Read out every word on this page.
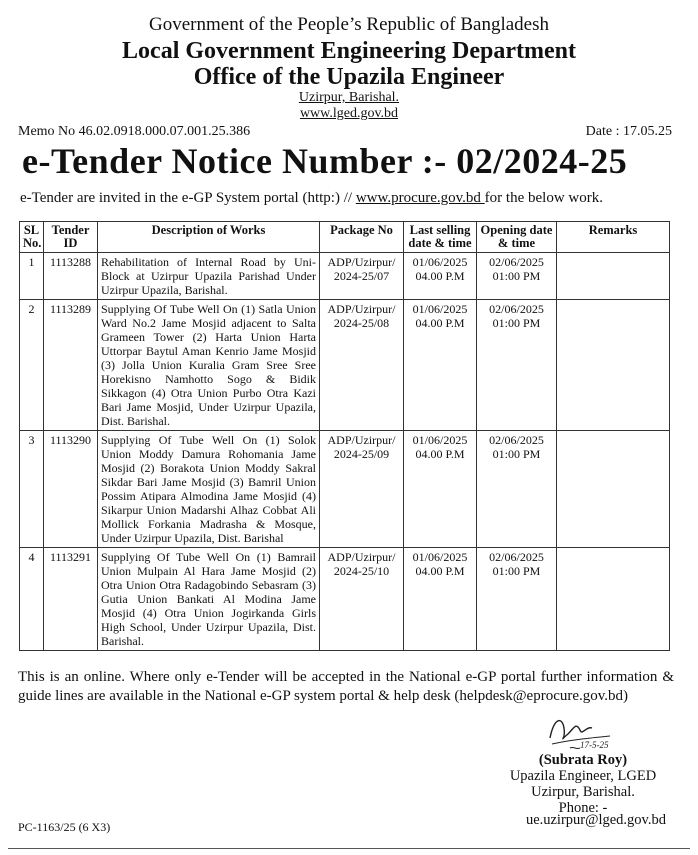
Government of the People’s Republic of Bangladesh
Local Government Engineering Department
Office of the Upazila Engineer
Uzirpur, Barishal.
www.lged.gov.bd
Memo No 46.02.0918.000.07.001.25.386	Date : 17.05.25
e-Tender Notice Number :- 02/2024-25
e-Tender are invited in the e-GP System portal (http:) // www.procure.gov.bd for the below work.
SL No.	Tender ID	Description of Works	Package No	Last selling date & time	Opening date & time	Remarks
1	1113288	Rehabilitation of Internal Road by Uni-Block at Uzirpur Upazila Parishad Under Uzirpur Upazila, Barishal.	ADP/Uzirpur/ 2024-25/07	01/06/2025 04.00 P.M	02/06/2025 01:00 PM	
2	1113289	Supplying Of Tube Well On (1) Satla Union Ward No.2 Jame Mosjid adjacent to Salta Grameen Tower (2) Harta Union Harta Uttorpar Baytul Aman Kenrio Jame Mosjid (3) Jolla Union Kuralia Gram Sree Sree Horekisno Namhotto Sogo & Bidik Sikkagon (4) Otra Union Purbo Otra Kazi Bari Jame Mosjid, Under Uzirpur Upazila, Dist. Barishal.	ADP/Uzirpur/ 2024-25/08	01/06/2025 04.00 P.M	02/06/2025 01:00 PM	
3	1113290	Supplying Of Tube Well On (1) Solok Union Moddy Damura Rohomania Jame Mosjid (2) Borakota Union Moddy Sakral Sikdar Bari Jame Mosjid (3) Bamril Union Possim Atipara Almodina Jame Mosjid (4) Sikarpur Union Madarshi Alhaz Cobbat Ali Mollick Forkania Madrasha & Mosque, Under Uzirpur Upazila, Dist. Barishal	ADP/Uzirpur/ 2024-25/09	01/06/2025 04.00 P.M	02/06/2025 01:00 PM	
4	1113291	Supplying Of Tube Well On (1) Bamrail Union Mulpain Al Hara Jame Mosjid (2) Otra Union Otra Radagobindo Sebasram (3) Gutia Union Bankati Al Modina Jame Mosjid (4) Otra Union Jogirkanda Girls High School, Under Uzirpur Upazila, Dist. Barishal.	ADP/Uzirpur/ 2024-25/10	01/06/2025 04.00 P.M	02/06/2025 01:00 PM	
This is an online. Where only e-Tender will be accepted in the National e-GP portal further information & guide lines are available in the National e-GP system portal & help desk (helpdesk@eprocure.gov.bd)
17-5-25
(Subrata Roy)
Upazila Engineer, LGED
Uzirpur, Barishal.
Phone: -
ue.uzirpur@lged.gov.bd
PC-1163/25 (6 X3)
